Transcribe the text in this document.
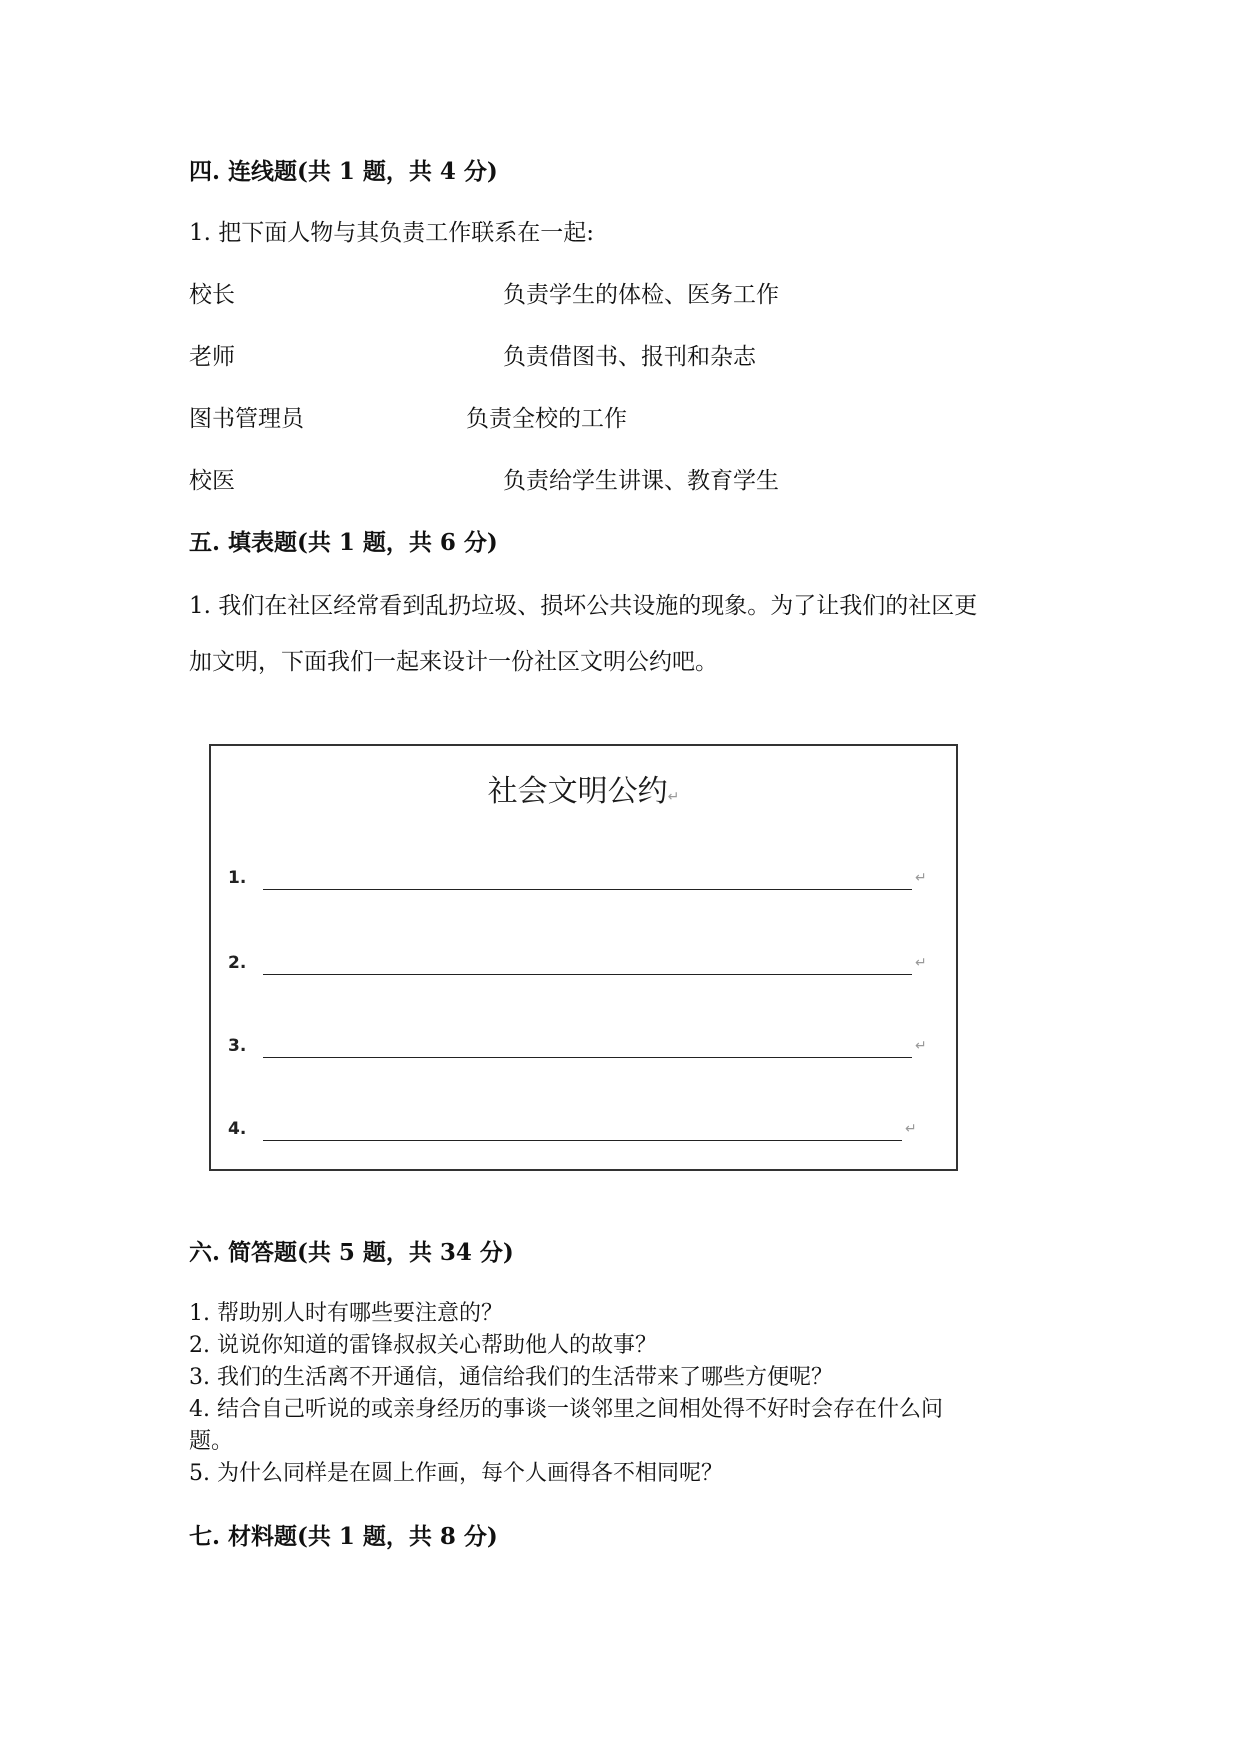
四. 连线题(共 1 题，共 4 分)
1. 把下面人物与其负责工作联系在一起:
校长	负责学生的体检、医务工作
老师	负责借图书、报刊和杂志
图书管理员	负责全校的工作
校医	负责给学生讲课、教育学生
五. 填表题(共 1 题，共 6 分)
1. 我们在社区经常看到乱扔垃圾、损坏公共设施的现象。为了让我们的社区更
加文明，下面我们一起来设计一份社区文明公约吧。
社会文明公约↵
1.	↵
2.	↵
3.	↵
4.	↵
六. 简答题(共 5 题，共 34 分)
1. 帮助别人时有哪些要注意的？
2. 说说你知道的雷锋叔叔关心帮助他人的故事？
3. 我们的生活离不开通信，通信给我们的生活带来了哪些方便呢？
4. 结合自己听说的或亲身经历的事谈一谈邻里之间相处得不好时会存在什么问
题。
5. 为什么同样是在圆上作画，每个人画得各不相同呢？
七. 材料题(共 1 题，共 8 分)
